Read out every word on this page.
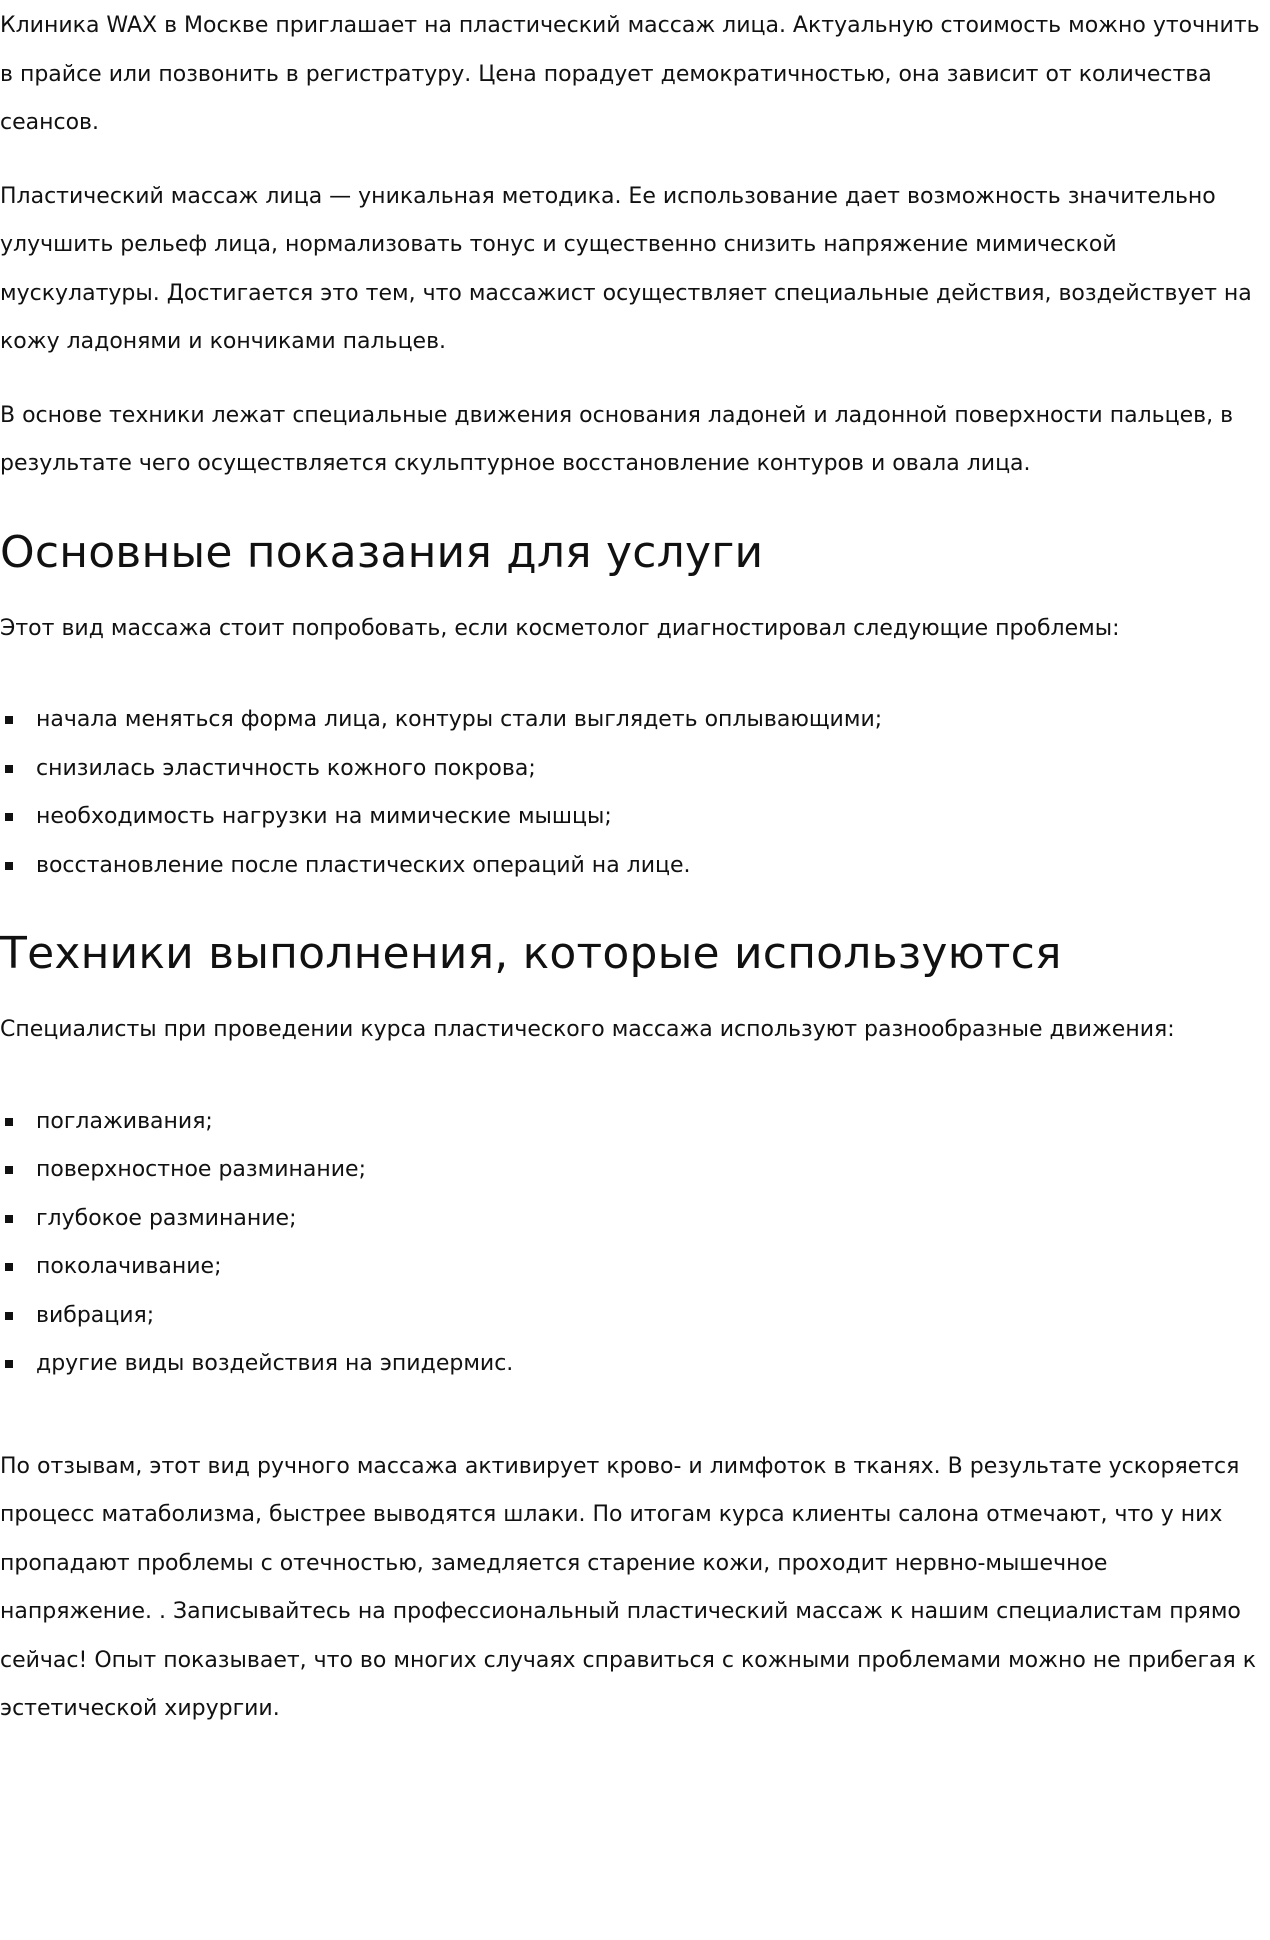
Клиника WAX в Москве приглашает на пластический массаж лица. Актуальную стоимость можно уточнить в прайсе или позвонить в регистратуру. Цена порадует демократичностью, она зависит от количества сеансов.

Пластический массаж лица — уникальная методика. Ее использование дает возможность значительно улучшить рельеф лица, нормализовать тонус и существенно снизить напряжение мимической мускулатуры. Достигается это тем, что массажист осуществляет специальные действия, воздействует на кожу ладонями и кончиками пальцев.

В основе техники лежат специальные движения основания ладоней и ладонной поверхности пальцев, в результате чего осуществляется скульптурное восстановление контуров и овала лица.

Основные показания для услуги

Этот вид массажа стоит попробовать, если косметолог диагностировал следующие проблемы:

начала меняться форма лица, контуры стали выглядеть оплывающими;
снизилась эластичность кожного покрова;
необходимость нагрузки на мимические мышцы;
восстановление после пластических операций на лице.
Техники выполнения, которые используются

Специалисты при проведении курса пластического массажа используют разнообразные движения:

поглаживания;
поверхностное разминание;
глубокое разминание;
поколачивание;
вибрация;
другие виды воздействия на эпидермис.

По отзывам, этот вид ручного массажа активирует крово- и лимфоток в тканях. В результате ускоряется процесс матаболизма, быстрее выводятся шлаки. По итогам курса клиенты салона отмечают, что у них пропадают проблемы с отечностью, замедляется старение кожи, проходит нервно-мышечное напряжение. . Записывайтесь на профессиональный пластический массаж к нашим специалистам прямо сейчас! Опыт показывает, что во многих случаях справиться с кожными проблемами можно не прибегая к эстетической хирургии.
